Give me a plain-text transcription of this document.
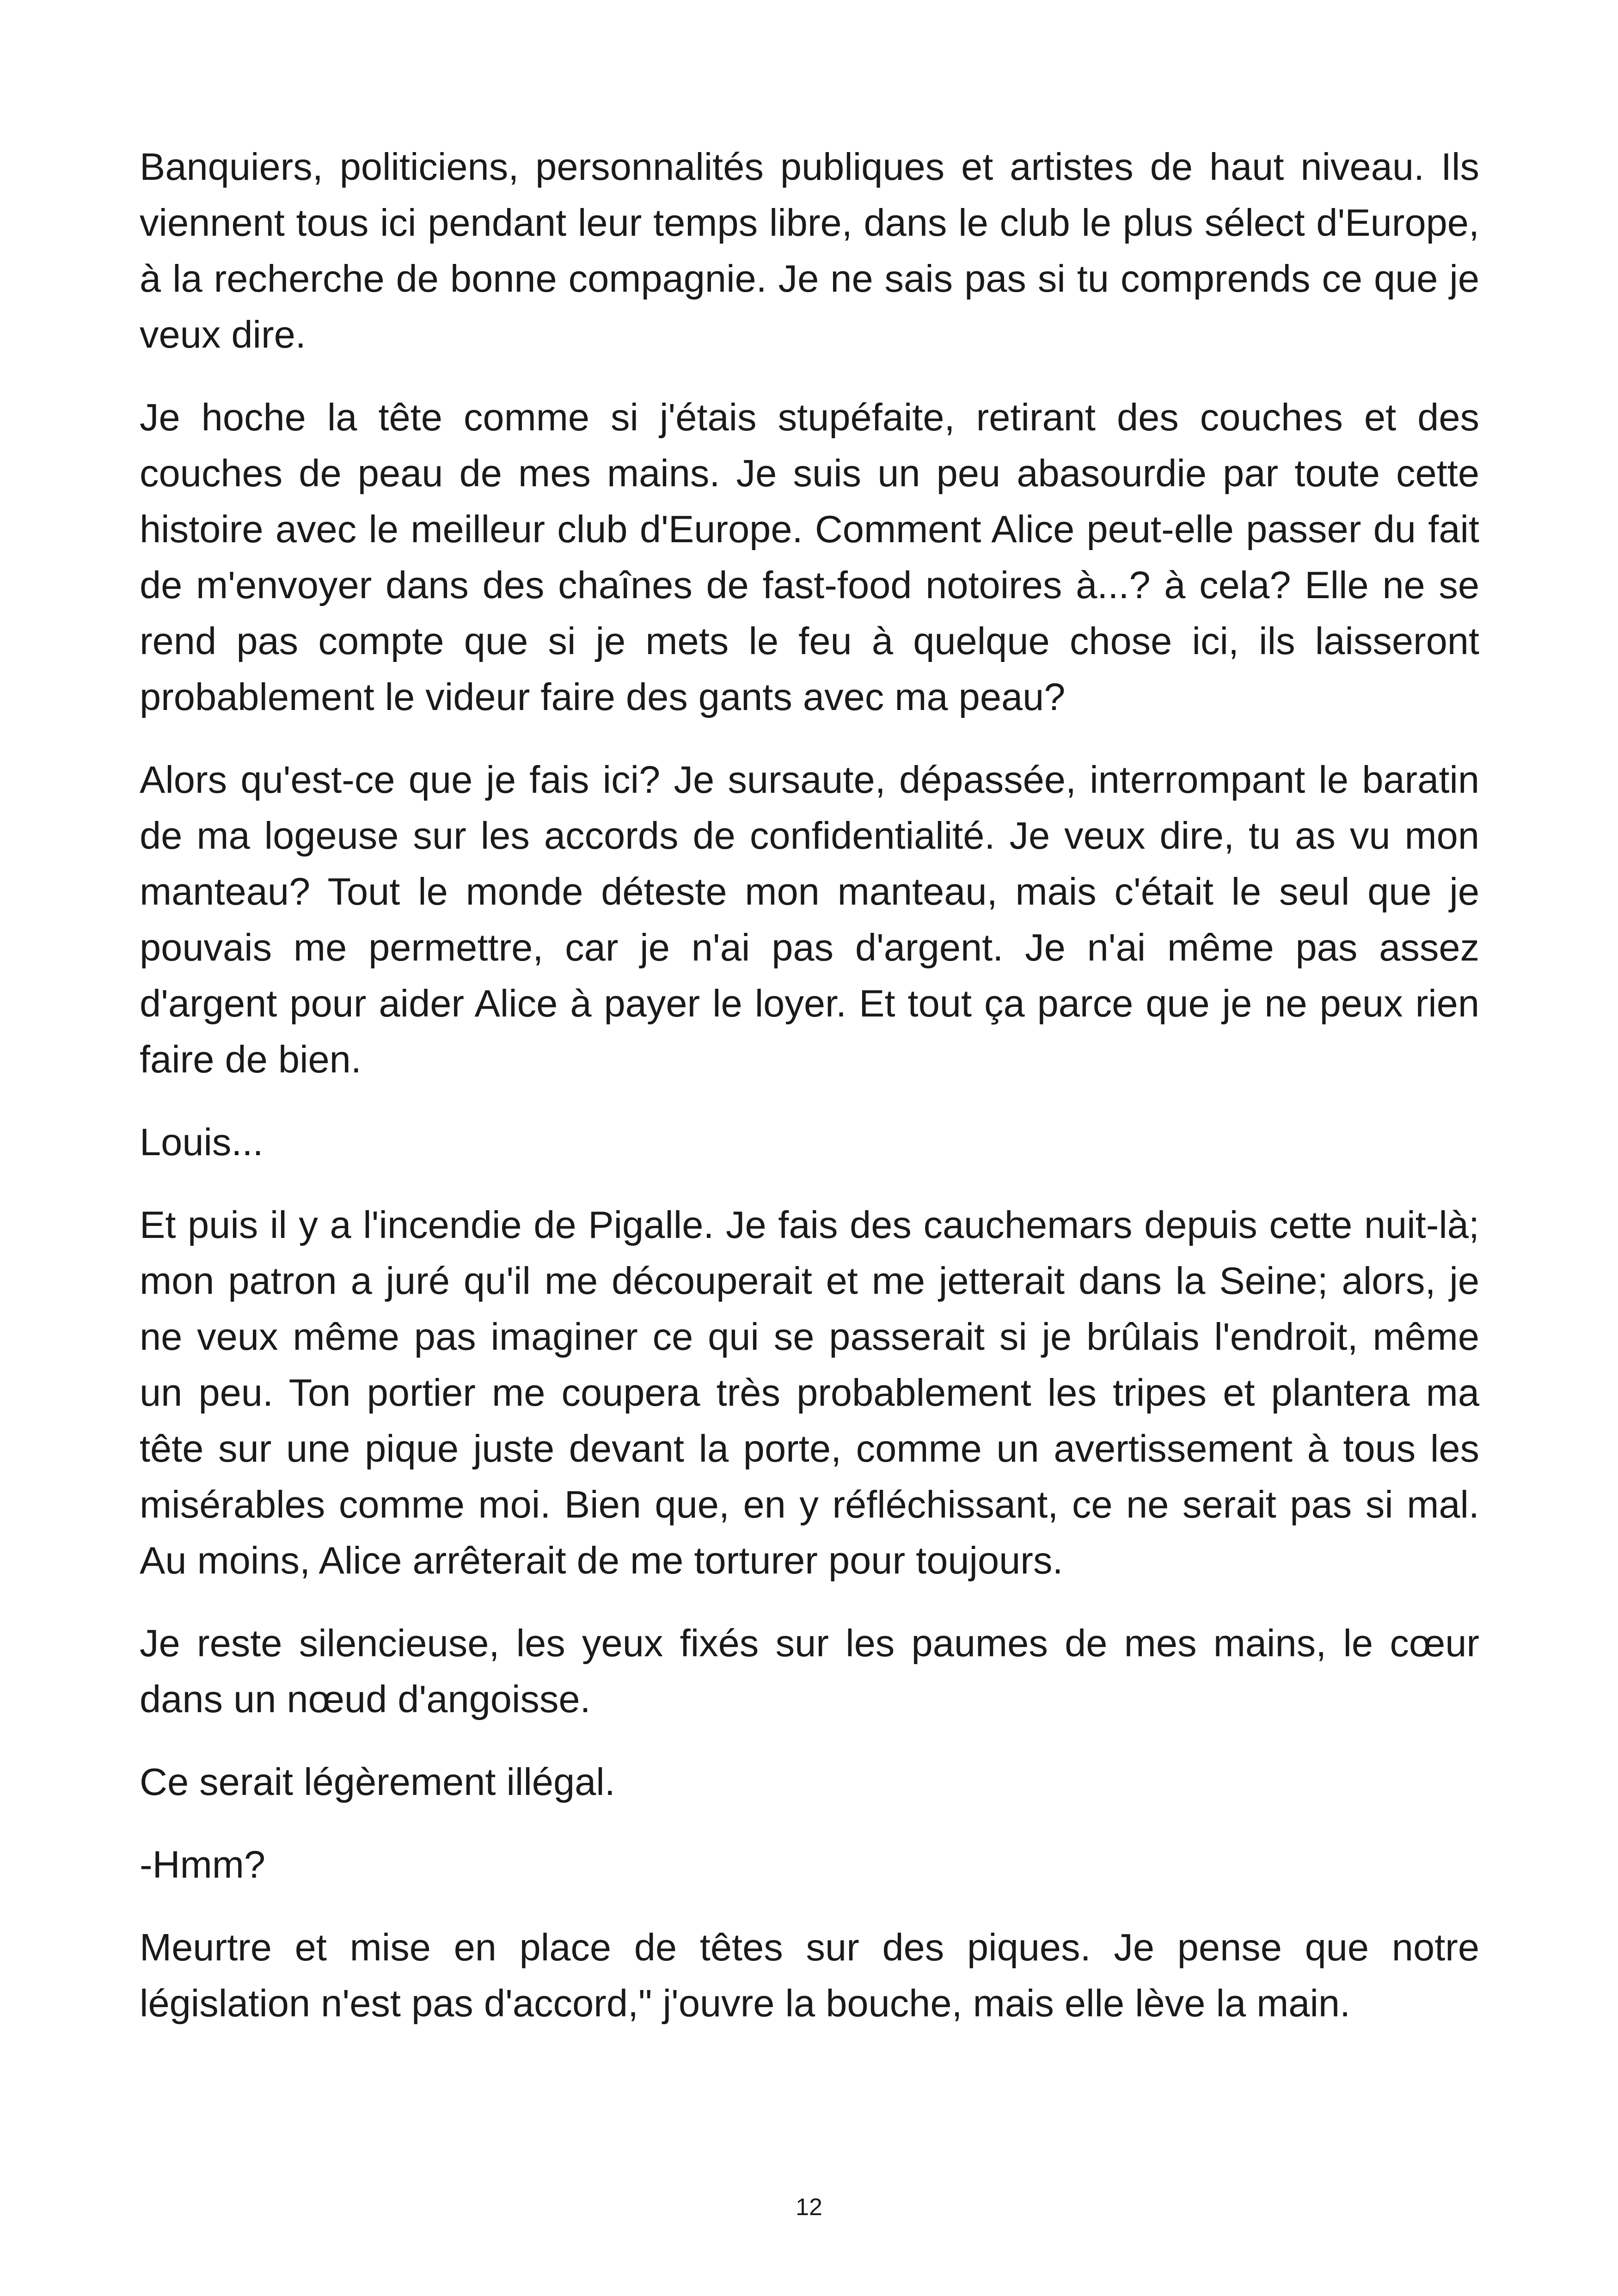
Banquiers, politiciens, personnalités publiques et artistes de haut niveau. Ils viennent tous ici pendant leur temps libre, dans le club le plus sélect d'Europe, à la recherche de bonne compagnie. Je ne sais pas si tu comprends ce que je veux dire.

Je hoche la tête comme si j'étais stupéfaite, retirant des couches et des couches de peau de mes mains. Je suis un peu abasourdie par toute cette histoire avec le meilleur club d'Europe. Comment Alice peut-elle passer du fait de m'envoyer dans des chaînes de fast-food notoires à...? à cela? Elle ne se rend pas compte que si je mets le feu à quelque chose ici, ils laisseront probablement le videur faire des gants avec ma peau?

Alors qu'est-ce que je fais ici? Je sursaute, dépassée, interrompant le baratin de ma logeuse sur les accords de confidentialité. Je veux dire, tu as vu mon manteau? Tout le monde déteste mon manteau, mais c'était le seul que je pouvais me permettre, car je n'ai pas d'argent. Je n'ai même pas assez d'argent pour aider Alice à payer le loyer. Et tout ça parce que je ne peux rien faire de bien.

Louis...

Et puis il y a l'incendie de Pigalle. Je fais des cauchemars depuis cette nuit-là; mon patron a juré qu'il me découperait et me jetterait dans la Seine; alors, je ne veux même pas imaginer ce qui se passerait si je brûlais l'endroit, même un peu. Ton portier me coupera très probablement les tripes et plantera ma tête sur une pique juste devant la porte, comme un avertissement à tous les misérables comme moi. Bien que, en y réfléchissant, ce ne serait pas si mal. Au moins, Alice arrêterait de me torturer pour toujours.

Je reste silencieuse, les yeux fixés sur les paumes de mes mains, le cœur dans un nœud d'angoisse.

Ce serait légèrement illégal.

-Hmm?

Meurtre et mise en place de têtes sur des piques. Je pense que notre législation n'est pas d'accord," j'ouvre la bouche, mais elle lève la main.

12
